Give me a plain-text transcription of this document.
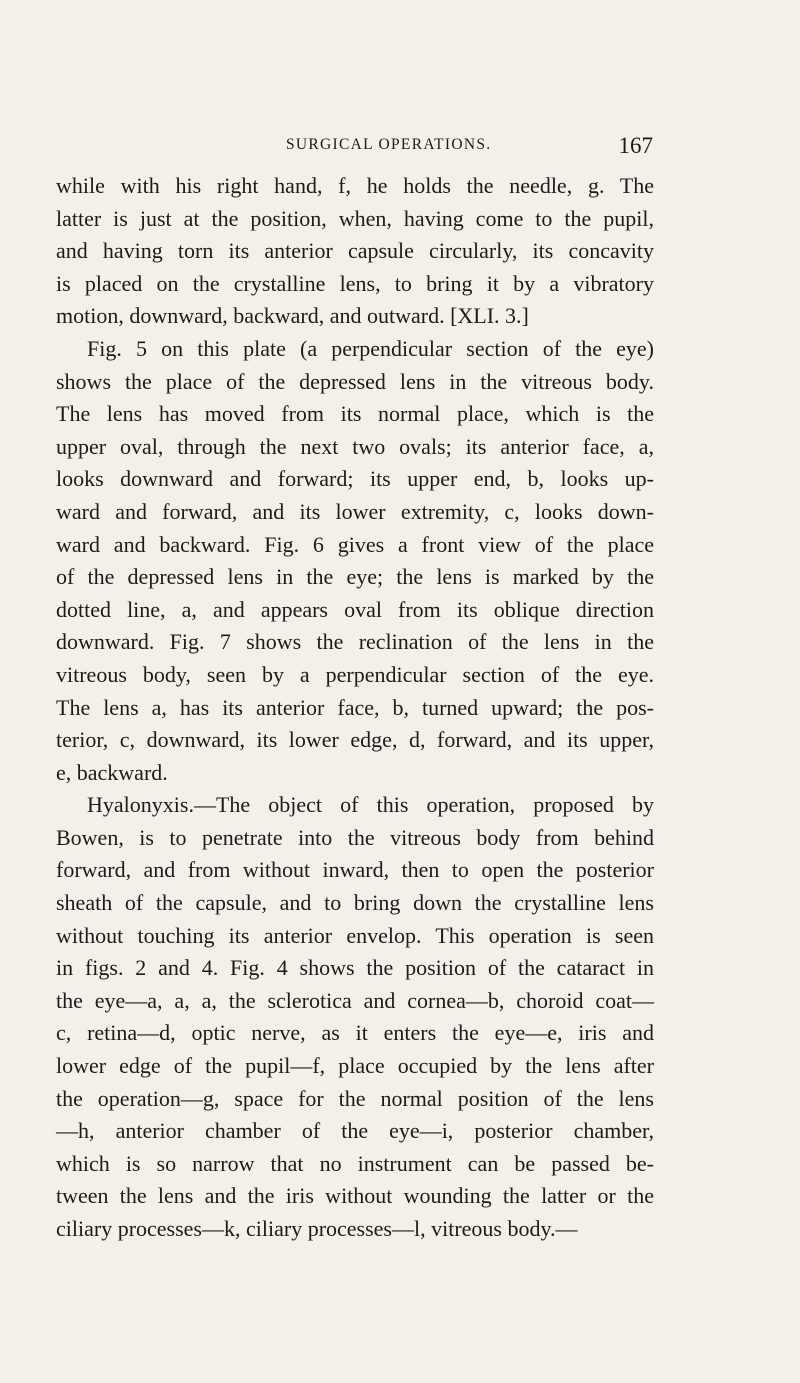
SURGICAL OPERATIONS.	167
while with his right hand, f, he holds the needle, g. The
latter is just at the position, when, having come to the pupil,
and having torn its anterior capsule circularly, its concavity
is placed on the crystalline lens, to bring it by a vibratory
motion, downward, backward, and outward. [XLI. 3.]
Fig. 5 on this plate (a perpendicular section of the eye)
shows the place of the depressed lens in the vitreous body.
The lens has moved from its normal place, which is the
upper oval, through the next two ovals; its anterior face, a,
looks downward and forward; its upper end, b, looks up-
ward and forward, and its lower extremity, c, looks down-
ward and backward. Fig. 6 gives a front view of the place
of the depressed lens in the eye; the lens is marked by the
dotted line, a, and appears oval from its oblique direction
downward. Fig. 7 shows the reclination of the lens in the
vitreous body, seen by a perpendicular section of the eye.
The lens a, has its anterior face, b, turned upward; the pos-
terior, c, downward, its lower edge, d, forward, and its upper,
e, backward.
Hyalonyxis.—The object of this operation, proposed by
Bowen, is to penetrate into the vitreous body from behind
forward, and from without inward, then to open the posterior
sheath of the capsule, and to bring down the crystalline lens
without touching its anterior envelop. This operation is seen
in figs. 2 and 4. Fig. 4 shows the position of the cataract in
the eye—a, a, a, the sclerotica and cornea—b, choroid coat—
c, retina—d, optic nerve, as it enters the eye—e, iris and
lower edge of the pupil—f, place occupied by the lens after
the operation—g, space for the normal position of the lens
—h, anterior chamber of the eye—i, posterior chamber,
which is so narrow that no instrument can be passed be-
tween the lens and the iris without wounding the latter or the
ciliary processes—k, ciliary processes—l, vitreous body.—
